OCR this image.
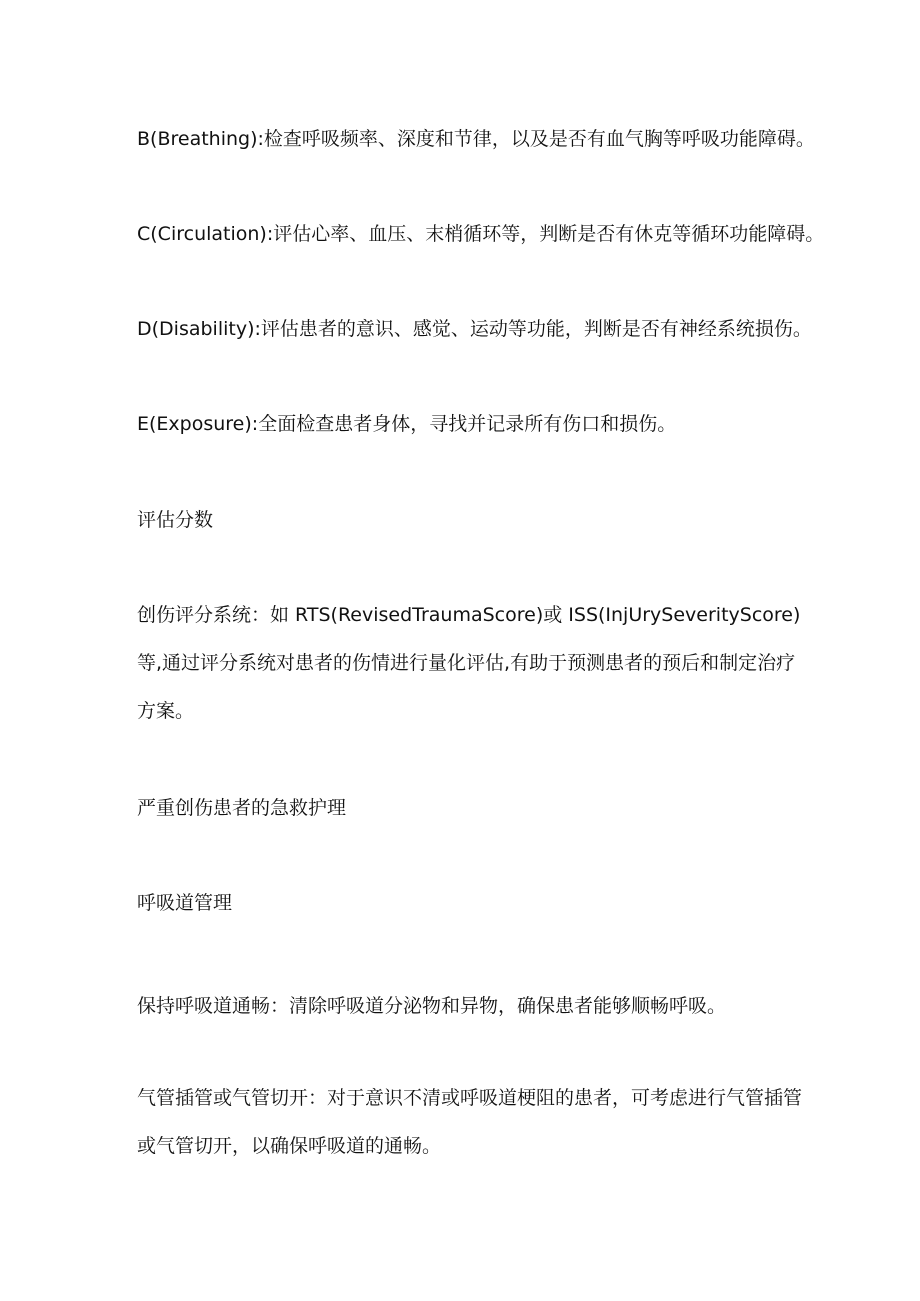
B(Breathing):检查呼吸频率、深度和节律，以及是否有血气胸等呼吸功能障碍。

C(Circulation):评估心率、血压、末梢循环等，判断是否有休克等循环功能障碍。

D(Disability):评估患者的意识、感觉、运动等功能，判断是否有神经系统损伤。

E(Exposure):全面检查患者身体，寻找并记录所有伤口和损伤。

评估分数

创伤评分系统：如 RTS(RevisedTraumaScore)或 ISS(InjUrySeverityScore)
等,通过评分系统对患者的伤情进行量化评估,有助于预测患者的预后和制定治疗
方案。

严重创伤患者的急救护理

呼吸道管理

保持呼吸道通畅：清除呼吸道分泌物和异物，确保患者能够顺畅呼吸。

气管插管或气管切开：对于意识不清或呼吸道梗阻的患者，可考虑进行气管插管
或气管切开，以确保呼吸道的通畅。
